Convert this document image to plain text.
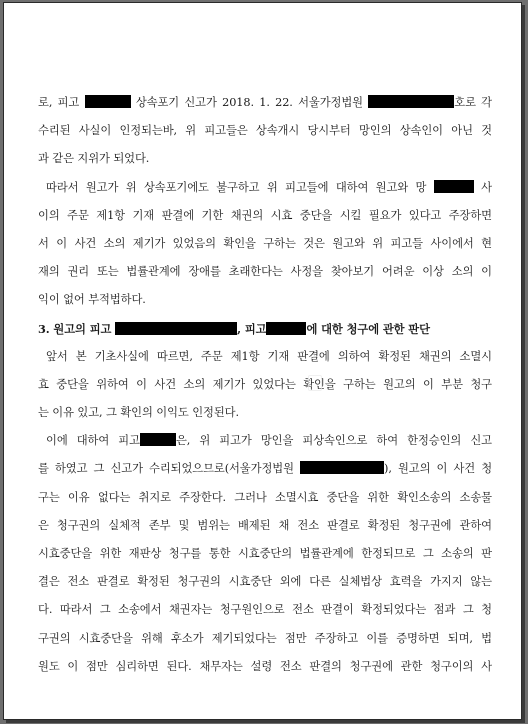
로, 피고	상속포기 신고가 2018. 1. 22. 서울가정법원	호로 각
수리된 사실이 인정되는바, 위 피고들은 상속개시 당시부터 망인의 상속인이 아닌 것
과 같은 지위가 되었다.
따라서 원고가 위 상속포기에도 불구하고 위 피고들에 대하여 원고와 망	사
이의 주문 제1항 기재 판결에 기한 채권의 시효 중단을 시킬 필요가 있다고 주장하면
서 이 사건 소의 제기가 있었음의 확인을 구하는 것은 원고와 위 피고들 사이에서 현
재의 권리 또는 법률관계에 장애를 초래한다는 사정을 찾아보기 어려운 이상 소의 이
익이 없어 부적법하다.
3. 원고의 피고	, 피고	에 대한 청구에 관한 판단
앞서 본 기초사실에 따르면, 주문 제1항 기재 판결에 의하여 확정된 채권의 소멸시
효 중단을 위하여 이 사건 소의 제기가 있었다는 확인을 구하는 원고의 이 부분 청구
는 이유 있고, 그 확인의 이익도 인정된다.
이에 대하여 피고	은, 위 피고가 망인을 피상속인으로 하여 한정승인의 신고
를 하였고 그 신고가 수리되었으므로(서울가정법원	), 원고의 이 사건 청
구는 이유 없다는 취지로 주장한다. 그러나 소멸시효 중단을 위한 확인소송의 소송물
은 청구권의 실체적 존부 및 범위는 배제된 채 전소 판결로 확정된 청구권에 관하여
시효중단을 위한 재판상 청구를 통한 시효중단의 법률관계에 한정되므로 그 소송의 판
결은 전소 판결로 확정된 청구권의 시효중단 외에 다른 실체법상 효력을 가지지 않는
다. 따라서 그 소송에서 채권자는 청구원인으로 전소 판결이 확정되었다는 점과 그 청
구권의 시효중단을 위해 후소가 제기되었다는 점만 주장하고 이를 증명하면 되며, 법
원도 이 점만 심리하면 된다. 채무자는 설령 전소 판결의 청구권에 관한 청구이의 사
